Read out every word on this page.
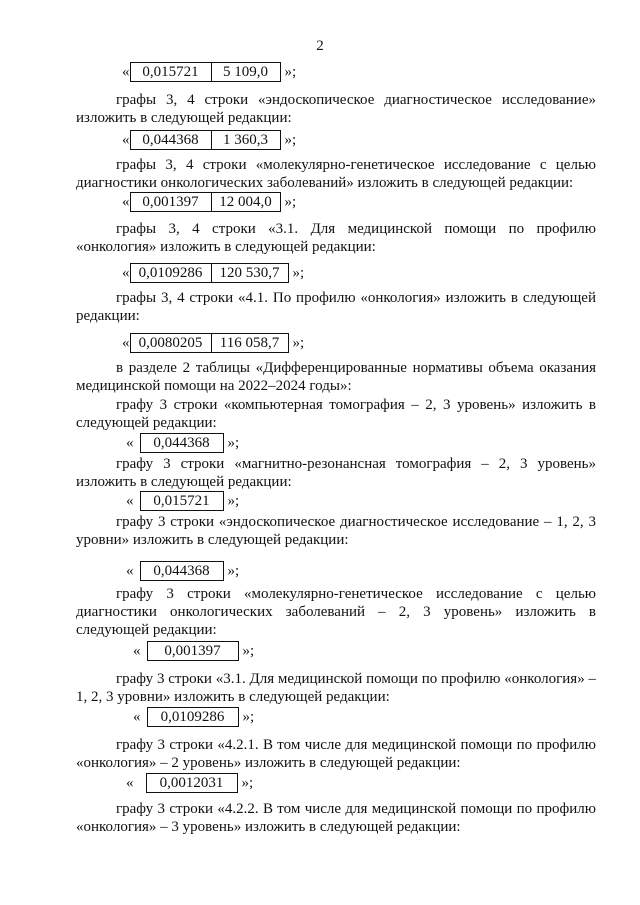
2
« 0,015721	5 109,0	»;
графы 3, 4 строки «эндоскопическое диагностическое исследование» изложить в следующей редакции:
« 0,044368	1 360,3	»;
графы 3, 4 строки «молекулярно-генетическое исследование с целью диагностики онкологических заболеваний» изложить в следующей редакции:
« 0,001397	12 004,0 »;
графы 3, 4 строки «3.1. Для медицинской помощи по профилю «онкология» изложить в следующей редакции:
« 0,0109286	120 530,7 »;
графы 3, 4 строки «4.1. По профилю «онкология» изложить в следующей редакции:
« 0,0080205	116 058,7 »;
в разделе 2 таблицы «Дифференцированные нормативы объема оказания медицинской помощи на 2022–2024 годы»:
графу 3 строки «компьютерная томография – 2, 3 уровень» изложить в следующей редакции:
«	0,044368	»;
графу 3 строки «магнитно-резонансная томография – 2, 3 уровень» изложить в следующей редакции:
«	0,015721	»;
графу 3 строки «эндоскопическое диагностическое исследование – 1, 2, 3 уровни» изложить в следующей редакции:
«	0,044368	»;
графу 3 строки «молекулярно-генетическое исследование с целью диагностики онкологических заболеваний – 2, 3 уровень» изложить в следующей редакции:
«	0,001397	»;
графу 3 строки «3.1. Для медицинской помощи по профилю «онкология» – 1, 2, 3 уровни» изложить в следующей редакции:
«	0,0109286	»;
графу 3 строки «4.2.1. В том числе для медицинской помощи по профилю «онкология» – 2 уровень» изложить в следующей редакции:
«	0,0012031	»;
графу 3 строки «4.2.2. В том числе для медицинской помощи по профилю «онкология» – 3 уровень» изложить в следующей редакции:
